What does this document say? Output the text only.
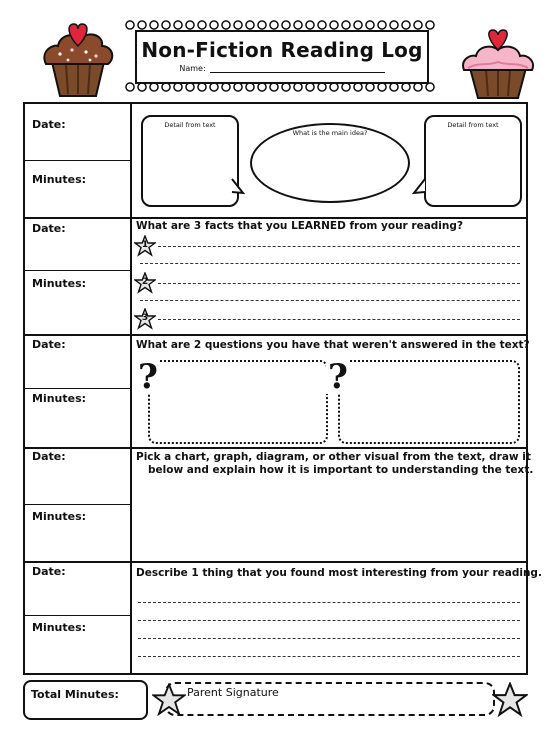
Non-Fiction Reading Log
Name:
Date:
Minutes:
Date:
Minutes:
Date:
Minutes:
Date:
Minutes:
Date:
Minutes:
Detail from text
What is the main idea?
Detail from text
What are 3 facts that you LEARNED from your reading?
1
2
3
What are 2 questions you have that weren't answered in the text?
?	?
Pick a chart, graph, diagram, or other visual from the text, draw it
below and explain how it is important to understanding the text.
Describe 1 thing that you found most interesting from your reading.
Total Minutes:	Parent Signature
